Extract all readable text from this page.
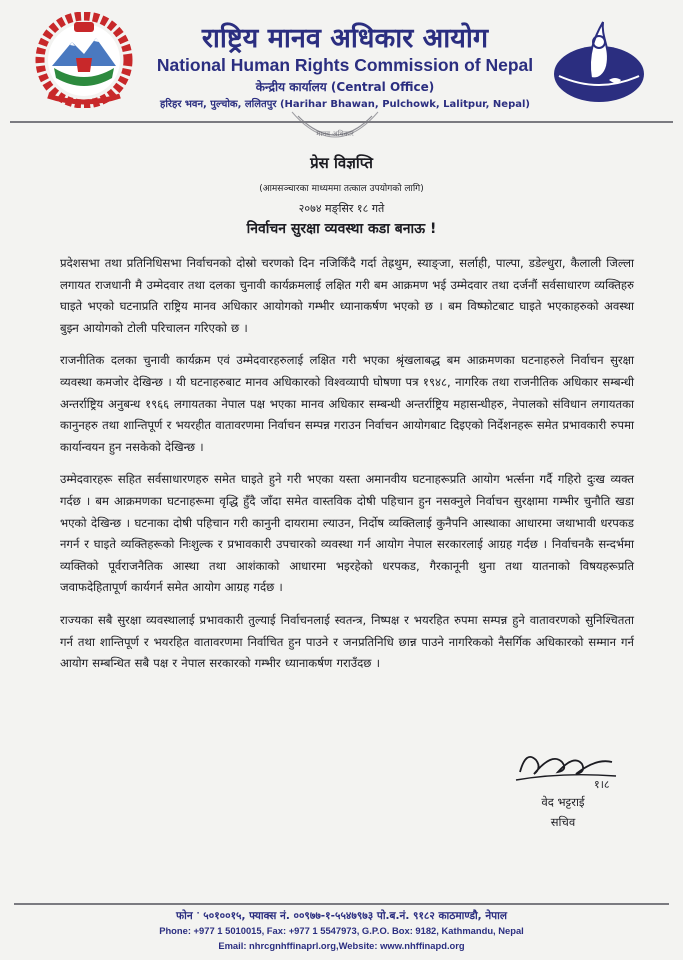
राष्ट्रिय मानव अधिकार आयोग
National Human Rights Commission of Nepal
केन्द्रीय कार्यालय (Central Office)
हरिहर भवन, पुल्चोक, ललितपुर (Harihar Bhawan, Pulchowk, Lalitpur, Nepal)
मानव अधिकार
प्रेस विज्ञप्ति
(आमसञ्चारका माध्यममा तत्काल उपयोगको लागि)
२०७४ मङ्सिर १८ गते
निर्वाचन सुरक्षा व्यवस्था कडा बनाऊ !

प्रदेशसभा तथा प्रतिनिधिसभा निर्वाचनको दोस्रो चरणको दिन नजिकिँदै गर्दा तेह्रथुम, स्याङ्जा, सर्लाही, पाल्पा, डडेल्धुरा, कैलाली जिल्ला लगायत राजधानी मै उम्मेदवार तथा दलका चुनावी कार्यक्रमलाई लक्षित गरी बम आक्रमण भई उम्मेदवार तथा दर्जनौं सर्वसाधारण व्यक्तिहरु घाइते भएको घटनाप्रति राष्ट्रिय मानव अधिकार आयोगको गम्भीर ध्यानाकर्षण भएको छ । बम विष्फोटबाट घाइते भएकाहरुको अवस्था बुझ्न आयोगको टोली परिचालन गरिएको छ ।

राजनीतिक दलका चुनावी कार्यक्रम एवं उम्मेदवारहरुलाई लक्षित गरी भएका श्रृंखलाबद्ध बम आक्रमणका घटनाहरुले निर्वाचन सुरक्षा व्यवस्था कमजोर देखिन्छ । यी घटनाहरुबाट मानव अधिकारको विश्वव्यापी घोषणा पत्र १९४८, नागरिक तथा राजनीतिक अधिकार सम्बन्धी अन्तर्राष्ट्रिय अनुबन्ध १९६६ लगायतका नेपाल पक्ष भएका मानव अधिकार सम्बन्धी अन्तर्राष्ट्रिय महासन्धीहरु, नेपालको संविधान लगायतका कानुनहरु तथा शान्तिपूर्ण र भयरहीत वातावरणमा निर्वाचन सम्पन्न गराउन निर्वाचन आयोगबाट दिइएको निर्देशनहरू समेत प्रभावकारी रुपमा कार्यान्वयन हुन नसकेको देखिन्छ ।

उम्मेदवारहरू सहित सर्वसाधारणहरु समेत घाइते हुने गरी भएका यस्ता अमानवीय घटनाहरूप्रति आयोग भर्त्सना गर्दै गहिरो दुःख व्यक्त गर्दछ । बम आक्रमणका घटनाहरूमा वृद्धि हुँदै जाँदा समेत वास्तविक दोषी पहिचान हुन नसक्नुले निर्वाचन सुरक्षामा गम्भीर चुनौति खडा भएको देखिन्छ । घटनाका दोषी पहिचान गरी कानुनी दायरामा ल्याउन, निर्दोष व्यक्तिलाई कुनैपनि आस्थाका आधारमा जथाभावी धरपकड नगर्न र घाइते व्यक्तिहरूको निःशुल्क र प्रभावकारी उपचारको व्यवस्था गर्न आयोग नेपाल सरकारलाई आग्रह गर्दछ । निर्वाचनकै सन्दर्भमा व्यक्तिको पूर्वराजनैतिक आस्था तथा आशंकाको आधारमा भइरहेको धरपकड, गैरकानूनी थुना तथा यातनाको विषयहरूप्रति जवाफदेहितापूर्ण कार्यगर्न समेत आयोग आग्रह गर्दछ ।

राज्यका सबै सुरक्षा व्यवस्थालाई प्रभावकारी तुल्याई निर्वाचनलाई स्वतन्त्र, निष्पक्ष र भयरहित रुपमा सम्पन्न हुने वातावरणको सुनिश्चितता गर्न तथा शान्तिपूर्ण र भयरहित वातावरणमा निर्वाचित हुन पाउने र जनप्रतिनिधि छान्न पाउने नागरिकको नैसर्गिक अधिकारको सम्मान गर्न आयोग सम्बन्धित सबै पक्ष र नेपाल सरकारको गम्भीर ध्यानाकर्षण गराउँदछ ।

१।८
वेद भट्टराई
सचिव
फोन ॱ ५०१००१५, फ्याक्स नं. ००९७७-१-५५४७९७३ पो.ब.नं. ९१८२ काठमाण्डौ, नेपाल
Phone: +977 1 5010015, Fax: +977 1 5547973, G.P.O. Box: 9182, Kathmandu, Nepal
Email: nhrcgnhffinaprl.org,Website: www.nhffinapd.org
